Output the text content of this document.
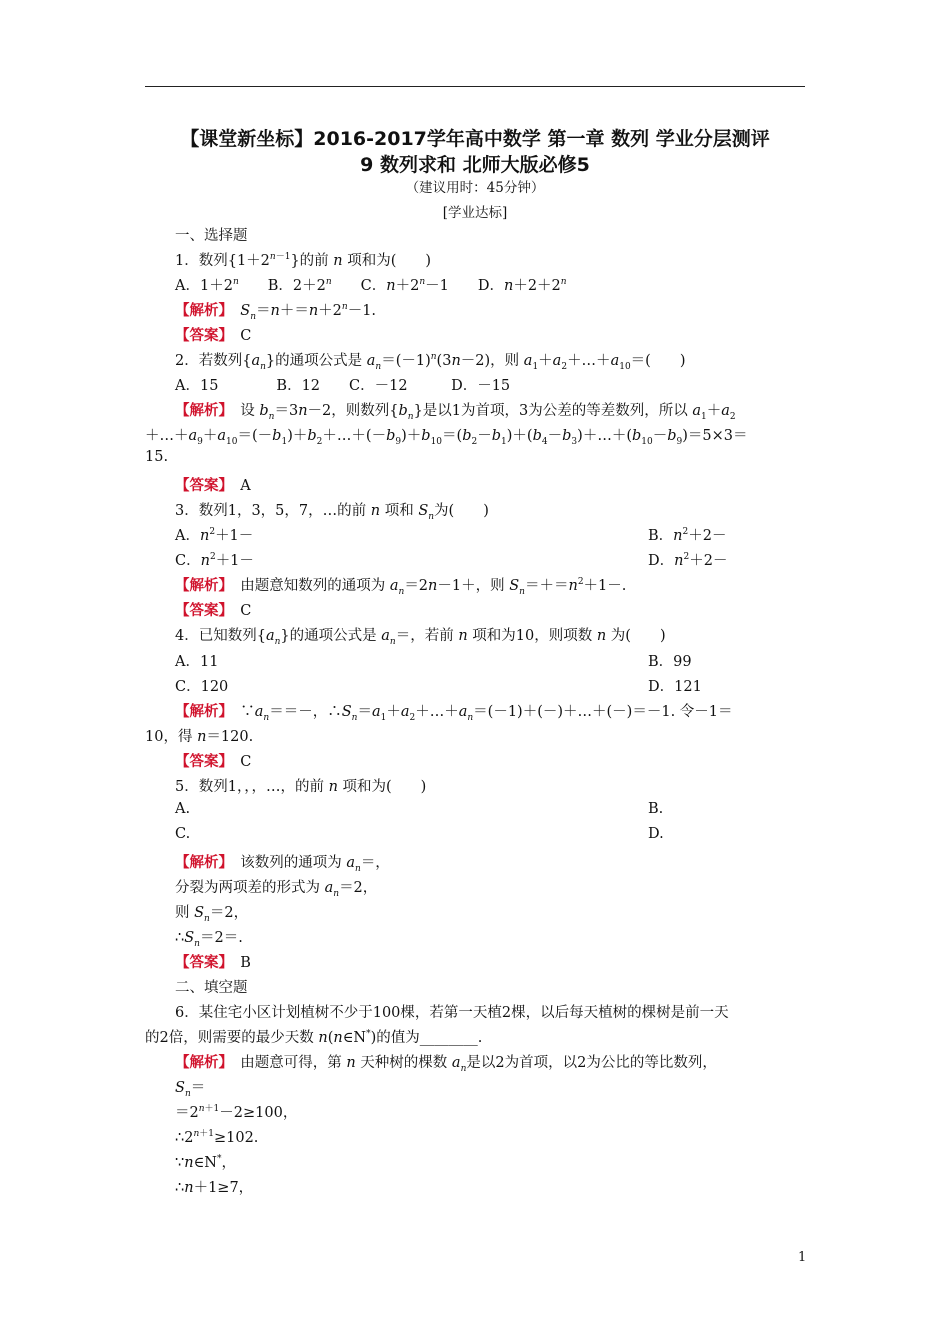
【课堂新坐标】2016-2017学年高中数学 第一章 数列 学业分层测评
9 数列求和 北师大版必修5
（建议用时：45分钟）
[学业达标]
一、选择题
1．数列$\{1+2^{n-1}\}$的前 n 项和为(　　)
A．$1+2^n$　　B．$2+2^n$　　C．$n+2^n-1$　　D．$n+2+2^n$
【解析】　 $S_n=n+=n+2^n-1$.
【答案】　 C
2．若数列$\{a_n\}$的通项公式是 $a_n=(-1)^n(3n-2)$，则 $a_1+a_2+\dots+a_{10}=$(　　)
A．15　　　　B．12　　C．－12　　　D．－15
【解析】　设 $b_n=3n-2$，则数列$\{b_n\}$是以1为首项，3为公差的等差数列，所以 $a_1+a_2$
$+\dots+a_9+a_{10}=(-b_1)+b_2+\dots+(-b_9)+b_{10}=(b_2-b_1)+(b_4-b_3)+\dots+(b_{10}-b_9)=5\times 3=$
15.
【答案】　 A
3．数列1，3，5，7，…的前 n 项和 $S_n$为(　　)
A．$n^2+1-$	B．$n^2+2-$
C．$n^2+1-$	D．$n^2+2-$
【解析】　由题意知数列的通项为 $a_n=2n-1+$，则 $S_n=+=n^2+1-$.
【答案】　 C
4．已知数列$\{a_n\}$的通项公式是 $a_n=$，若前 n 项和为10，则项数 n 为(　　)
A．11	B．99
C．120	D．121
【解析】　$\because a_n==-$，$\therefore S_n=a_1+a_2+\dots+a_n=(-1)+(-)+\dots+(-)=-1$. 令－1＝
10，得 n＝120.
【答案】　 C
5．数列1，，，…，的前 n 项和为(　　)
A.	B.
C.	D.
【解析】　该数列的通项为 $a_n=$，
分裂为两项差的形式为 $a_n=2$，
则 $S_n=2$，
$\therefore S_n=2=$.
【答案】　 B
二、填空题
6．某住宅小区计划植树不少于100棵，若第一天植2棵，以后每天植树的棵树是前一天
的2倍，则需要的最少天数 n(n∈N*)的值为________.
【解析】　由题意可得，第 n 天种树的棵数 $a_n$是以2为首项，以2为公比的等比数列，
$S_n=$
$=2^{n+1}-2\ge 100$，
$\therefore 2^{n+1}\ge 102$.
∵n∈N*，
∴n＋1≥7，
1
